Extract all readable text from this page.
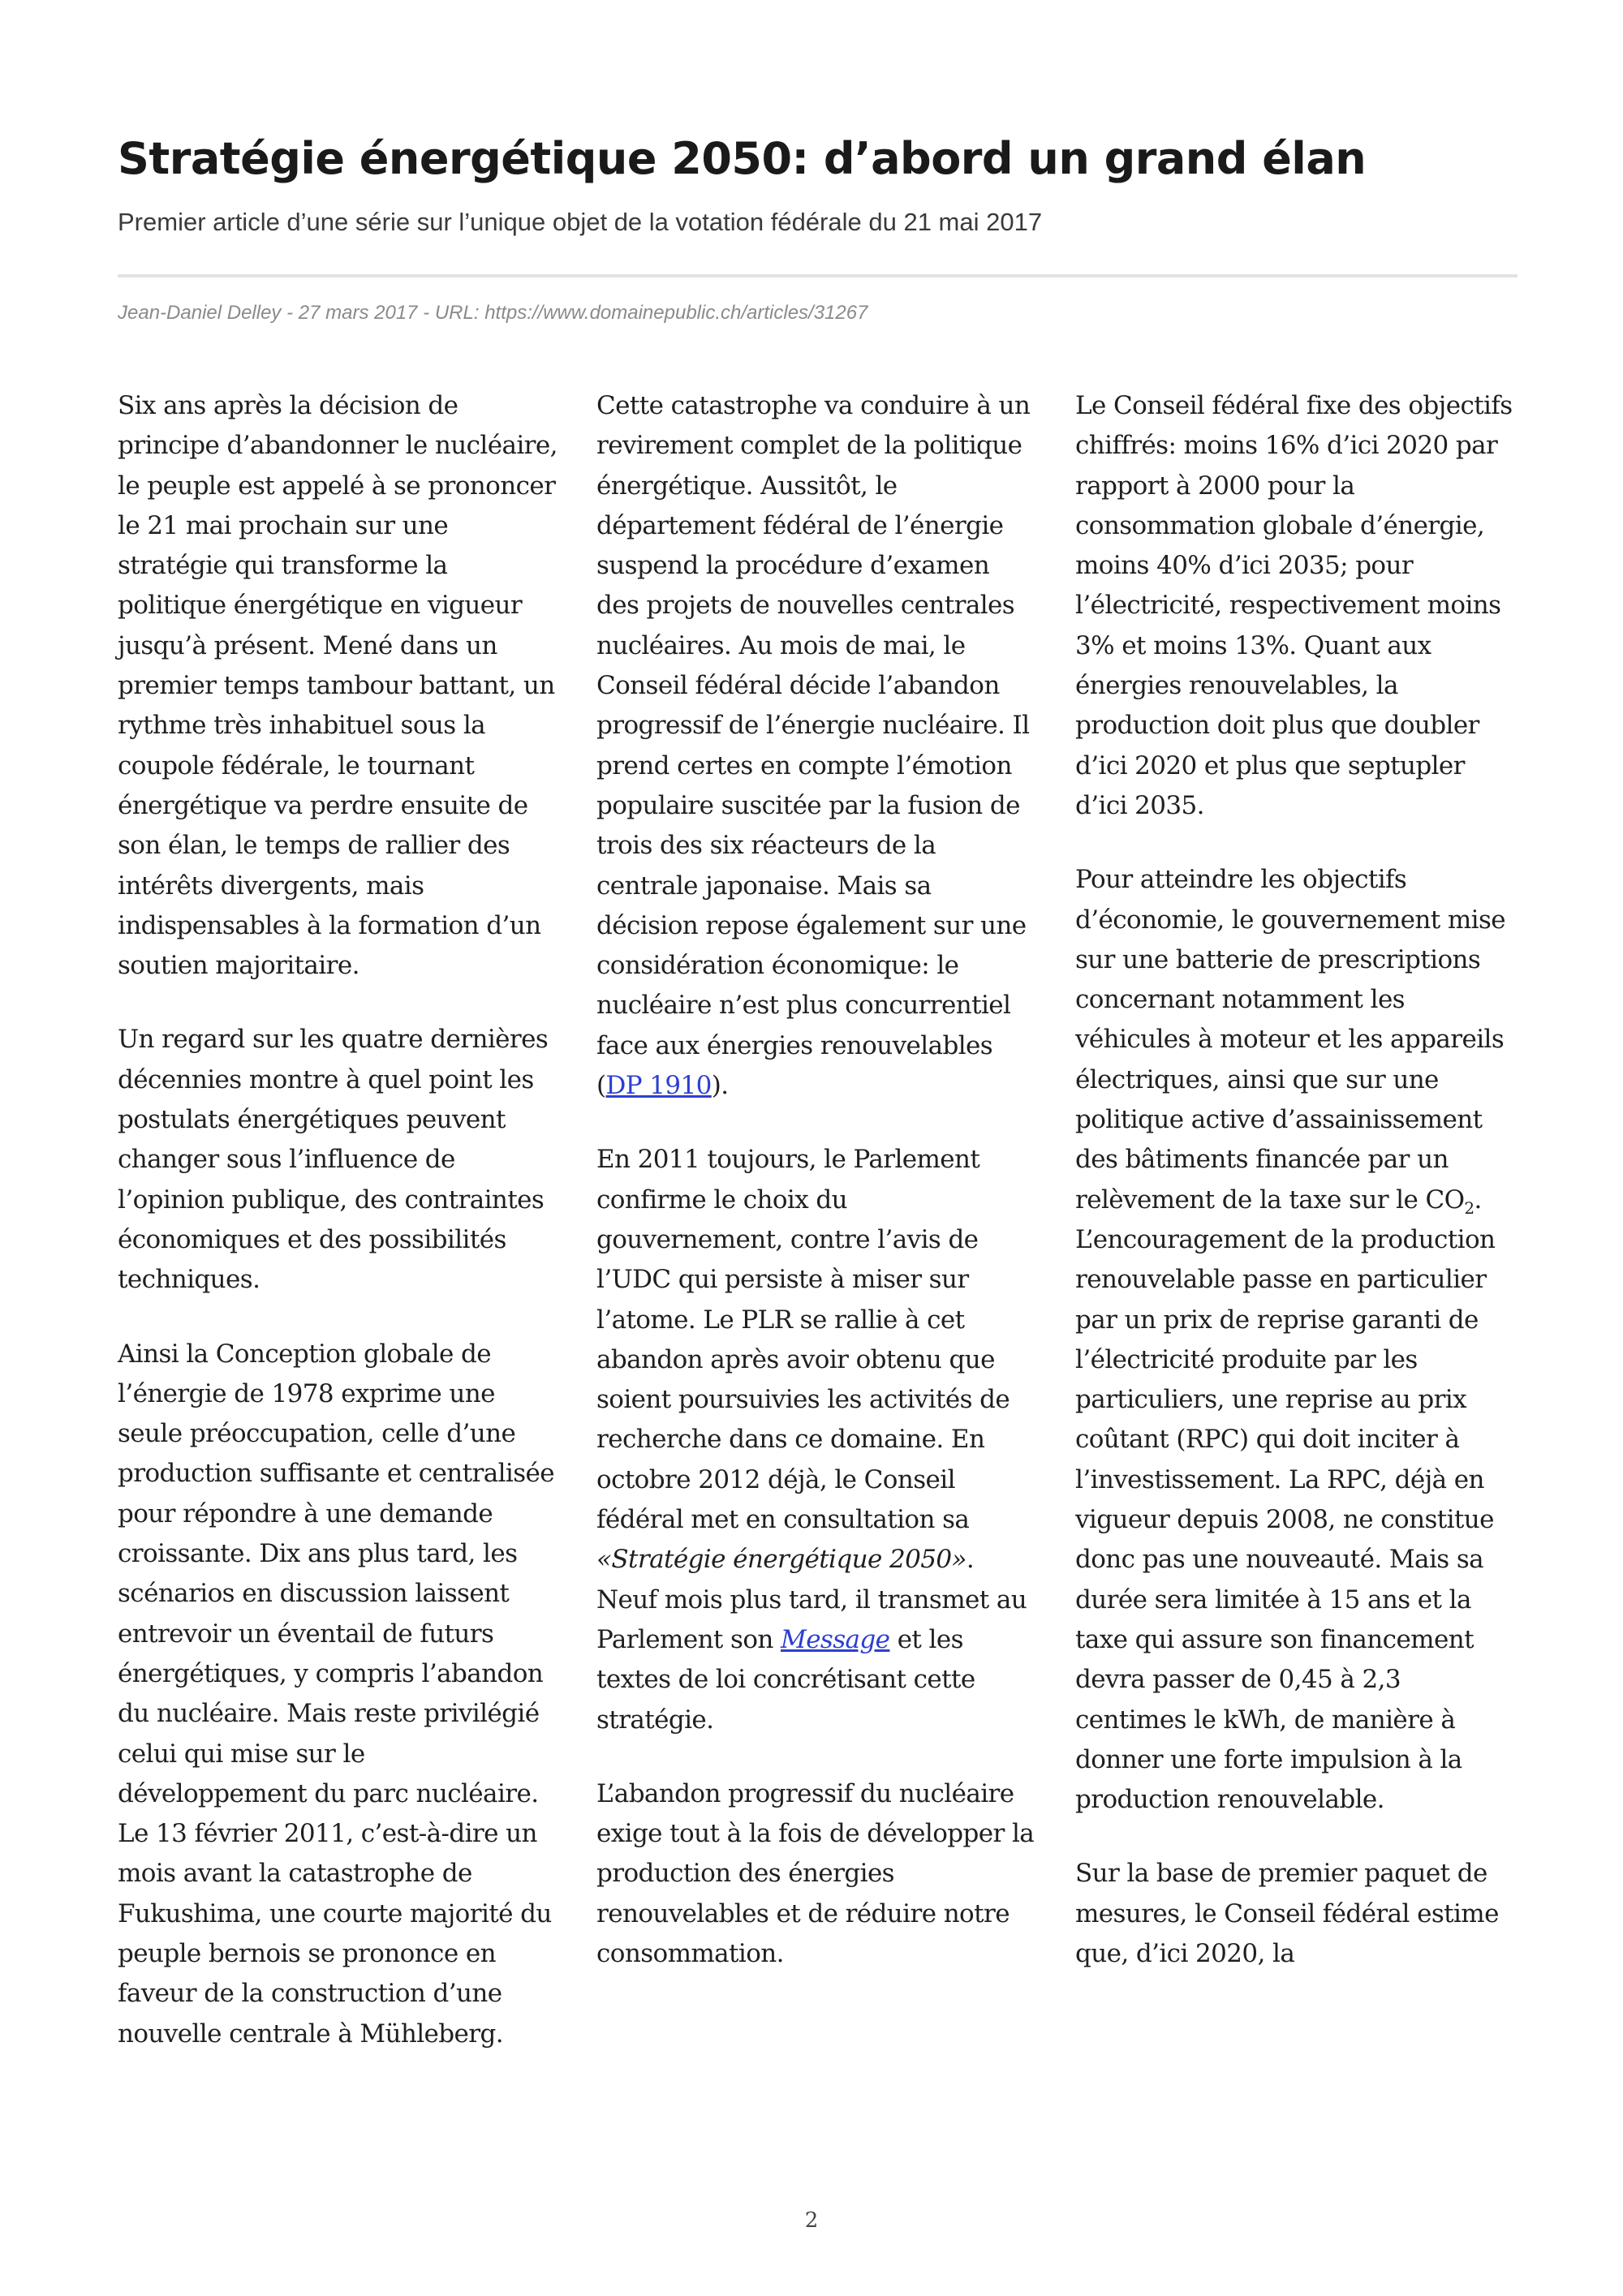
Stratégie énergétique 2050: d’abord un grand élan

Premier article d’une série sur l’unique objet de la votation fédérale du 21 mai 2017

Jean-Daniel Delley - 27 mars 2017 - URL: https://www.domainepublic.ch/articles/31267

Six ans après la décision de principe d’abandonner le nucléaire, le peuple est appelé à se prononcer le 21 mai prochain sur une stratégie qui transforme la politique énergétique en vigueur jusqu’à présent. Mené dans un premier temps tambour battant, un rythme très inhabituel sous la coupole fédérale, le tournant énergétique va perdre ensuite de son élan, le temps de rallier des intérêts divergents, mais indispensables à la formation d’un soutien majoritaire.

Un regard sur les quatre dernières décennies montre à quel point les postulats énergétiques peuvent changer sous l’influence de l’opinion publique, des contraintes économiques et des possibilités techniques.

Ainsi la Conception globale de l’énergie de 1978 exprime une seule préoccupation, celle d’une production suffisante et centralisée pour répondre à une demande croissante. Dix ans plus tard, les scénarios en discussion laissent entrevoir un éventail de futurs énergétiques, y compris l’abandon du nucléaire. Mais reste privilégié celui qui mise sur le développement du parc nucléaire. Le 13 février 2011, c’est-à-dire un mois avant la catastrophe de Fukushima, une courte majorité du peuple bernois se prononce en faveur de la construction d’une nouvelle centrale à Mühleberg.

Cette catastrophe va conduire à un revirement complet de la politique énergétique. Aussitôt, le département fédéral de l’énergie suspend la procédure d’examen des projets de nouvelles centrales nucléaires. Au mois de mai, le Conseil fédéral décide l’abandon progressif de l’énergie nucléaire. Il prend certes en compte l’émotion populaire suscitée par la fusion de trois des six réacteurs de la centrale japonaise. Mais sa décision repose également sur une considération économique: le nucléaire n’est plus concurrentiel face aux énergies renouvelables (DP 1910).

En 2011 toujours, le Parlement confirme le choix du gouvernement, contre l’avis de l’UDC qui persiste à miser sur l’atome. Le PLR se rallie à cet abandon après avoir obtenu que soient poursuivies les activités de recherche dans ce domaine. En octobre 2012 déjà, le Conseil fédéral met en consultation sa «Stratégie énergétique 2050». Neuf mois plus tard, il transmet au Parlement son Message et les textes de loi concrétisant cette stratégie.

L’abandon progressif du nucléaire exige tout à la fois de développer la production des énergies renouvelables et de réduire notre consommation.

Le Conseil fédéral fixe des objectifs chiffrés: moins 16% d’ici 2020 par rapport à 2000 pour la consommation globale d’énergie, moins 40% d’ici 2035; pour l’électricité, respectivement moins 3% et moins 13%. Quant aux énergies renouvelables, la production doit plus que doubler d’ici 2020 et plus que septupler d’ici 2035.

Pour atteindre les objectifs d’économie, le gouvernement mise sur une batterie de prescriptions concernant notamment les véhicules à moteur et les appareils électriques, ainsi que sur une politique active d’assainissement des bâtiments financée par un relèvement de la taxe sur le $CO_2$. L’encouragement de la production renouvelable passe en particulier par un prix de reprise garanti de l’électricité produite par les particuliers, une reprise au prix coûtant (RPC) qui doit inciter à l’investissement. La RPC, déjà en vigueur depuis 2008, ne constitue donc pas une nouveauté. Mais sa durée sera limitée à 15 ans et la taxe qui assure son financement devra passer de 0,45 à 2,3 centimes le kWh, de manière à donner une forte impulsion à la production renouvelable.

Sur la base de premier paquet de mesures, le Conseil fédéral estime que, d’ici 2020, la

2
